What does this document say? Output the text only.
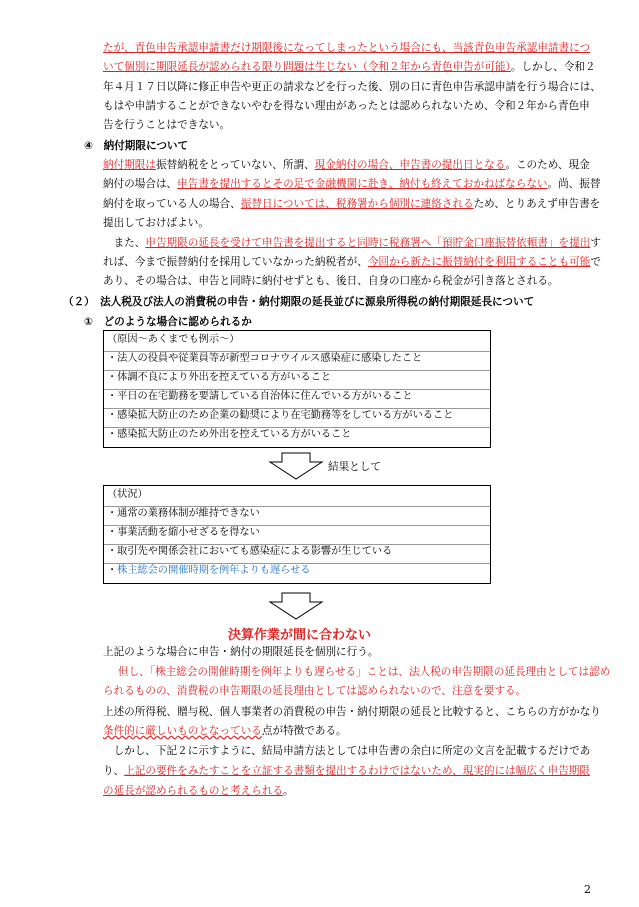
たが、青色申告承認申請書だけ期限後になってしまったという場合にも、当該青色申告承認申請書につ
いて個別に期限延長が認められる限り問題は生じない（令和２年から青色申告が可能）。しかし、令和２
年４月１７日以降に修正申告や更正の請求などを行った後、別の日に青色申告承認申請を行う場合には、
もはや申請することができないやむを得ない理由があったとは認められないため、令和２年から青色申
告を行うことはできない。
④　納付期限について
納付期限は振替納税をとっていない、所謂、現金納付の場合、申告書の提出日となる。このため、現金
納付の場合は、申告書を提出するとその足で金融機関に赴き、納付も終えておかねばならない。尚、振替
納付を取っている人の場合、振替日については、税務署から個別に連絡されるため、とりあえず申告書を
提出しておけばよい。
　また、申告期限の延長を受けて申告書を提出すると同時に税務署へ「預貯金口座振替依頼書」を提出す
れば、今まで振替納付を採用していなかった納税者が、今回から新たに振替納付を利用することも可能で
あり、その場合は、申告と同時に納付せずとも、後日、自身の口座から税金が引き落とされる。
（２）　法人税及び法人の消費税の申告・納付期限の延長並びに源泉所得税の納付期限延長について
①　どのような場合に認められるか
（原因～あくまでも例示～）
・法人の役員や従業員等が新型コロナウイルス感染症に感染したこと
・体調不良により外出を控えている方がいること
・平日の在宅勤務を要請している自治体に住んでいる方がいること
・感染拡大防止のため企業の勧奨により在宅勤務等をしている方がいること
・感染拡大防止のため外出を控えている方がいること
結果として
（状況）
・通常の業務体制が維持できない
・事業活動を縮小せざるを得ない
・取引先や関係会社においても感染症による影響が生じている
・株主総会の開催時期を例年よりも遅らせる
決算作業が間に合わない
上記のような場合に申告・納付の期限延長を個別に行う。
但し、「株主総会の開催時期を例年よりも遅らせる」ことは、法人税の申告期限の延長理由としては認め
られるものの、消費税の申告期限の延長理由としては認められないので、注意を要する。
上述の所得税、贈与税、個人事業者の消費税の申告・納付期限の延長と比較すると、こちらの方がかなり
条件的に厳しいものとなっている点が特徴である。
　しかし、下記２に示すように、結局申請方法としては申告書の余白に所定の文言を記載するだけであ
り、上記の要件をみたすことを立証する書類を提出するわけではないため、現実的には幅広く申告期限
の延長が認められるものと考えられる。
2
